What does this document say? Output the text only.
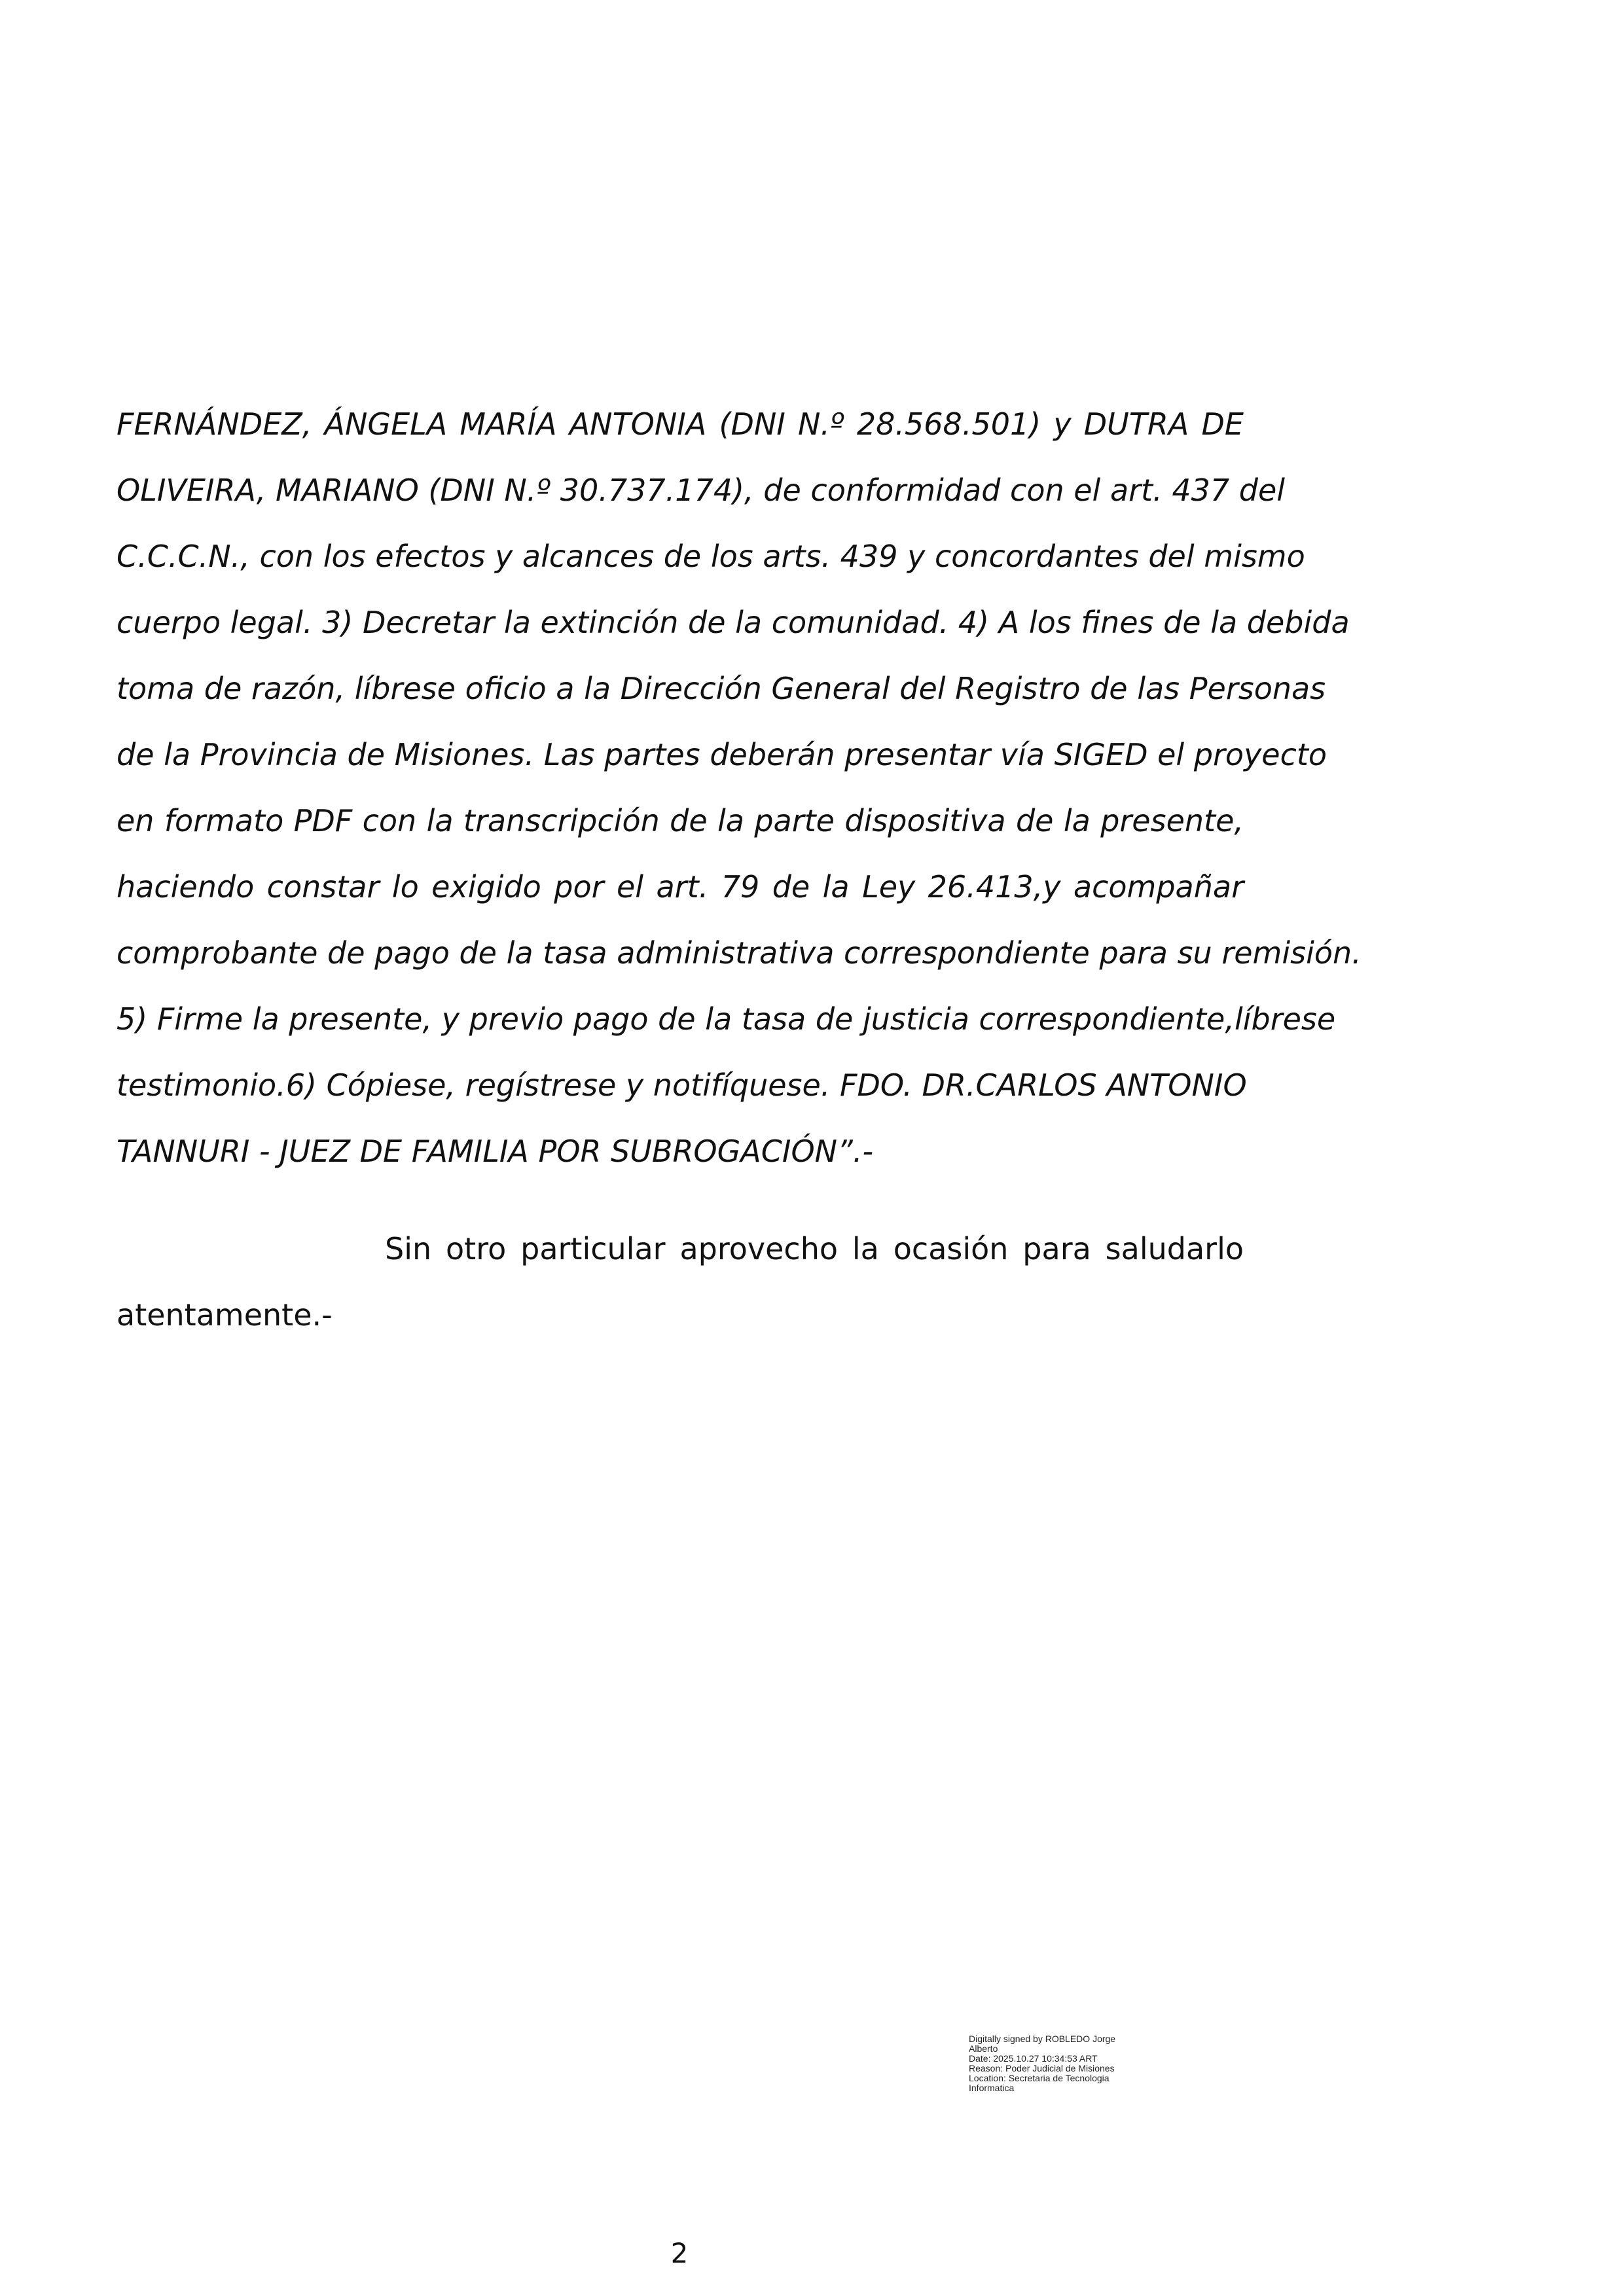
FERNÁNDEZ, ÁNGELA MARÍA ANTONIA (DNI N.º 28.568.501) y DUTRA DE
OLIVEIRA, MARIANO (DNI N.º 30.737.174), de conformidad con el art. 437 del
C.C.C.N., con los efectos y alcances de los arts. 439 y concordantes del mismo
cuerpo legal. 3) Decretar la extinción de la comunidad. 4) A los fines de la debida
toma de razón, líbrese oficio a la Dirección General del Registro de las Personas
de la Provincia de Misiones. Las partes deberán presentar vía SIGED el proyecto
en formato PDF con la transcripción de la parte dispositiva de la presente,
haciendo constar lo exigido por el art. 79 de la Ley 26.413,y acompañar
comprobante de pago de la tasa administrativa correspondiente para su remisión.
5) Firme la presente, y previo pago de la tasa de justicia correspondiente,líbrese
testimonio.6) Cópiese, regístrese y notifíquese. FDO. DR.CARLOS ANTONIO
TANNURI - JUEZ DE FAMILIA POR SUBROGACIÓN”.-
Sin otro particular aprovecho la ocasión para saludarlo
atentamente.-
Digitally signed by ROBLEDO Jorge
Alberto
Date: 2025.10.27 10:34:53 ART
Reason: Poder Judicial de Misiones
Location: Secretaria de Tecnologia
Informatica
2
